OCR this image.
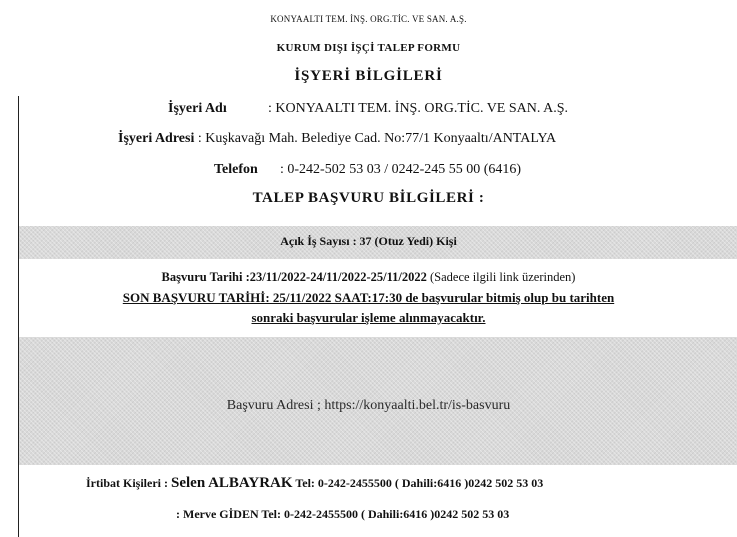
KONYAALTI TEM. İNŞ. ORG.TİC. VE SAN. A.Ş.
KURUM DIŞI İŞÇİ TALEP FORMU
İŞYERİ BİLGİLERİ
İşyeri Adı	: KONYAALTI TEM. İNŞ. ORG.TİC. VE SAN. A.Ş.
İşyeri Adresi : Kuşkavağı Mah. Belediye Cad. No:77/1 Konyaaltı/ANTALYA
Telefon : 0-242-502 53 03 / 0242-245 55 00 (6416)
TALEP BAŞVURU BİLGİLERİ :
Açık İş Sayısı : 37 (Otuz Yedi) Kişi
Başvuru Tarihi :23/11/2022-24/11/2022-25/11/2022 (Sadece ilgili link üzerinden)
SON BAŞVURU TARİHİ: 25/11/2022 SAAT:17:30 de başvurular bitmiş olup bu tarihten
sonraki başvurular işleme alınmayacaktır.
Başvuru Adresi ; https://konyaalti.bel.tr/is-basvuru
İrtibat Kişileri : Selen ALBAYRAK Tel: 0-242-2455500 ( Dahili:6416 )0242 502 53 03
: Merve GİDEN Tel: 0-242-2455500 ( Dahili:6416 )0242 502 53 03
